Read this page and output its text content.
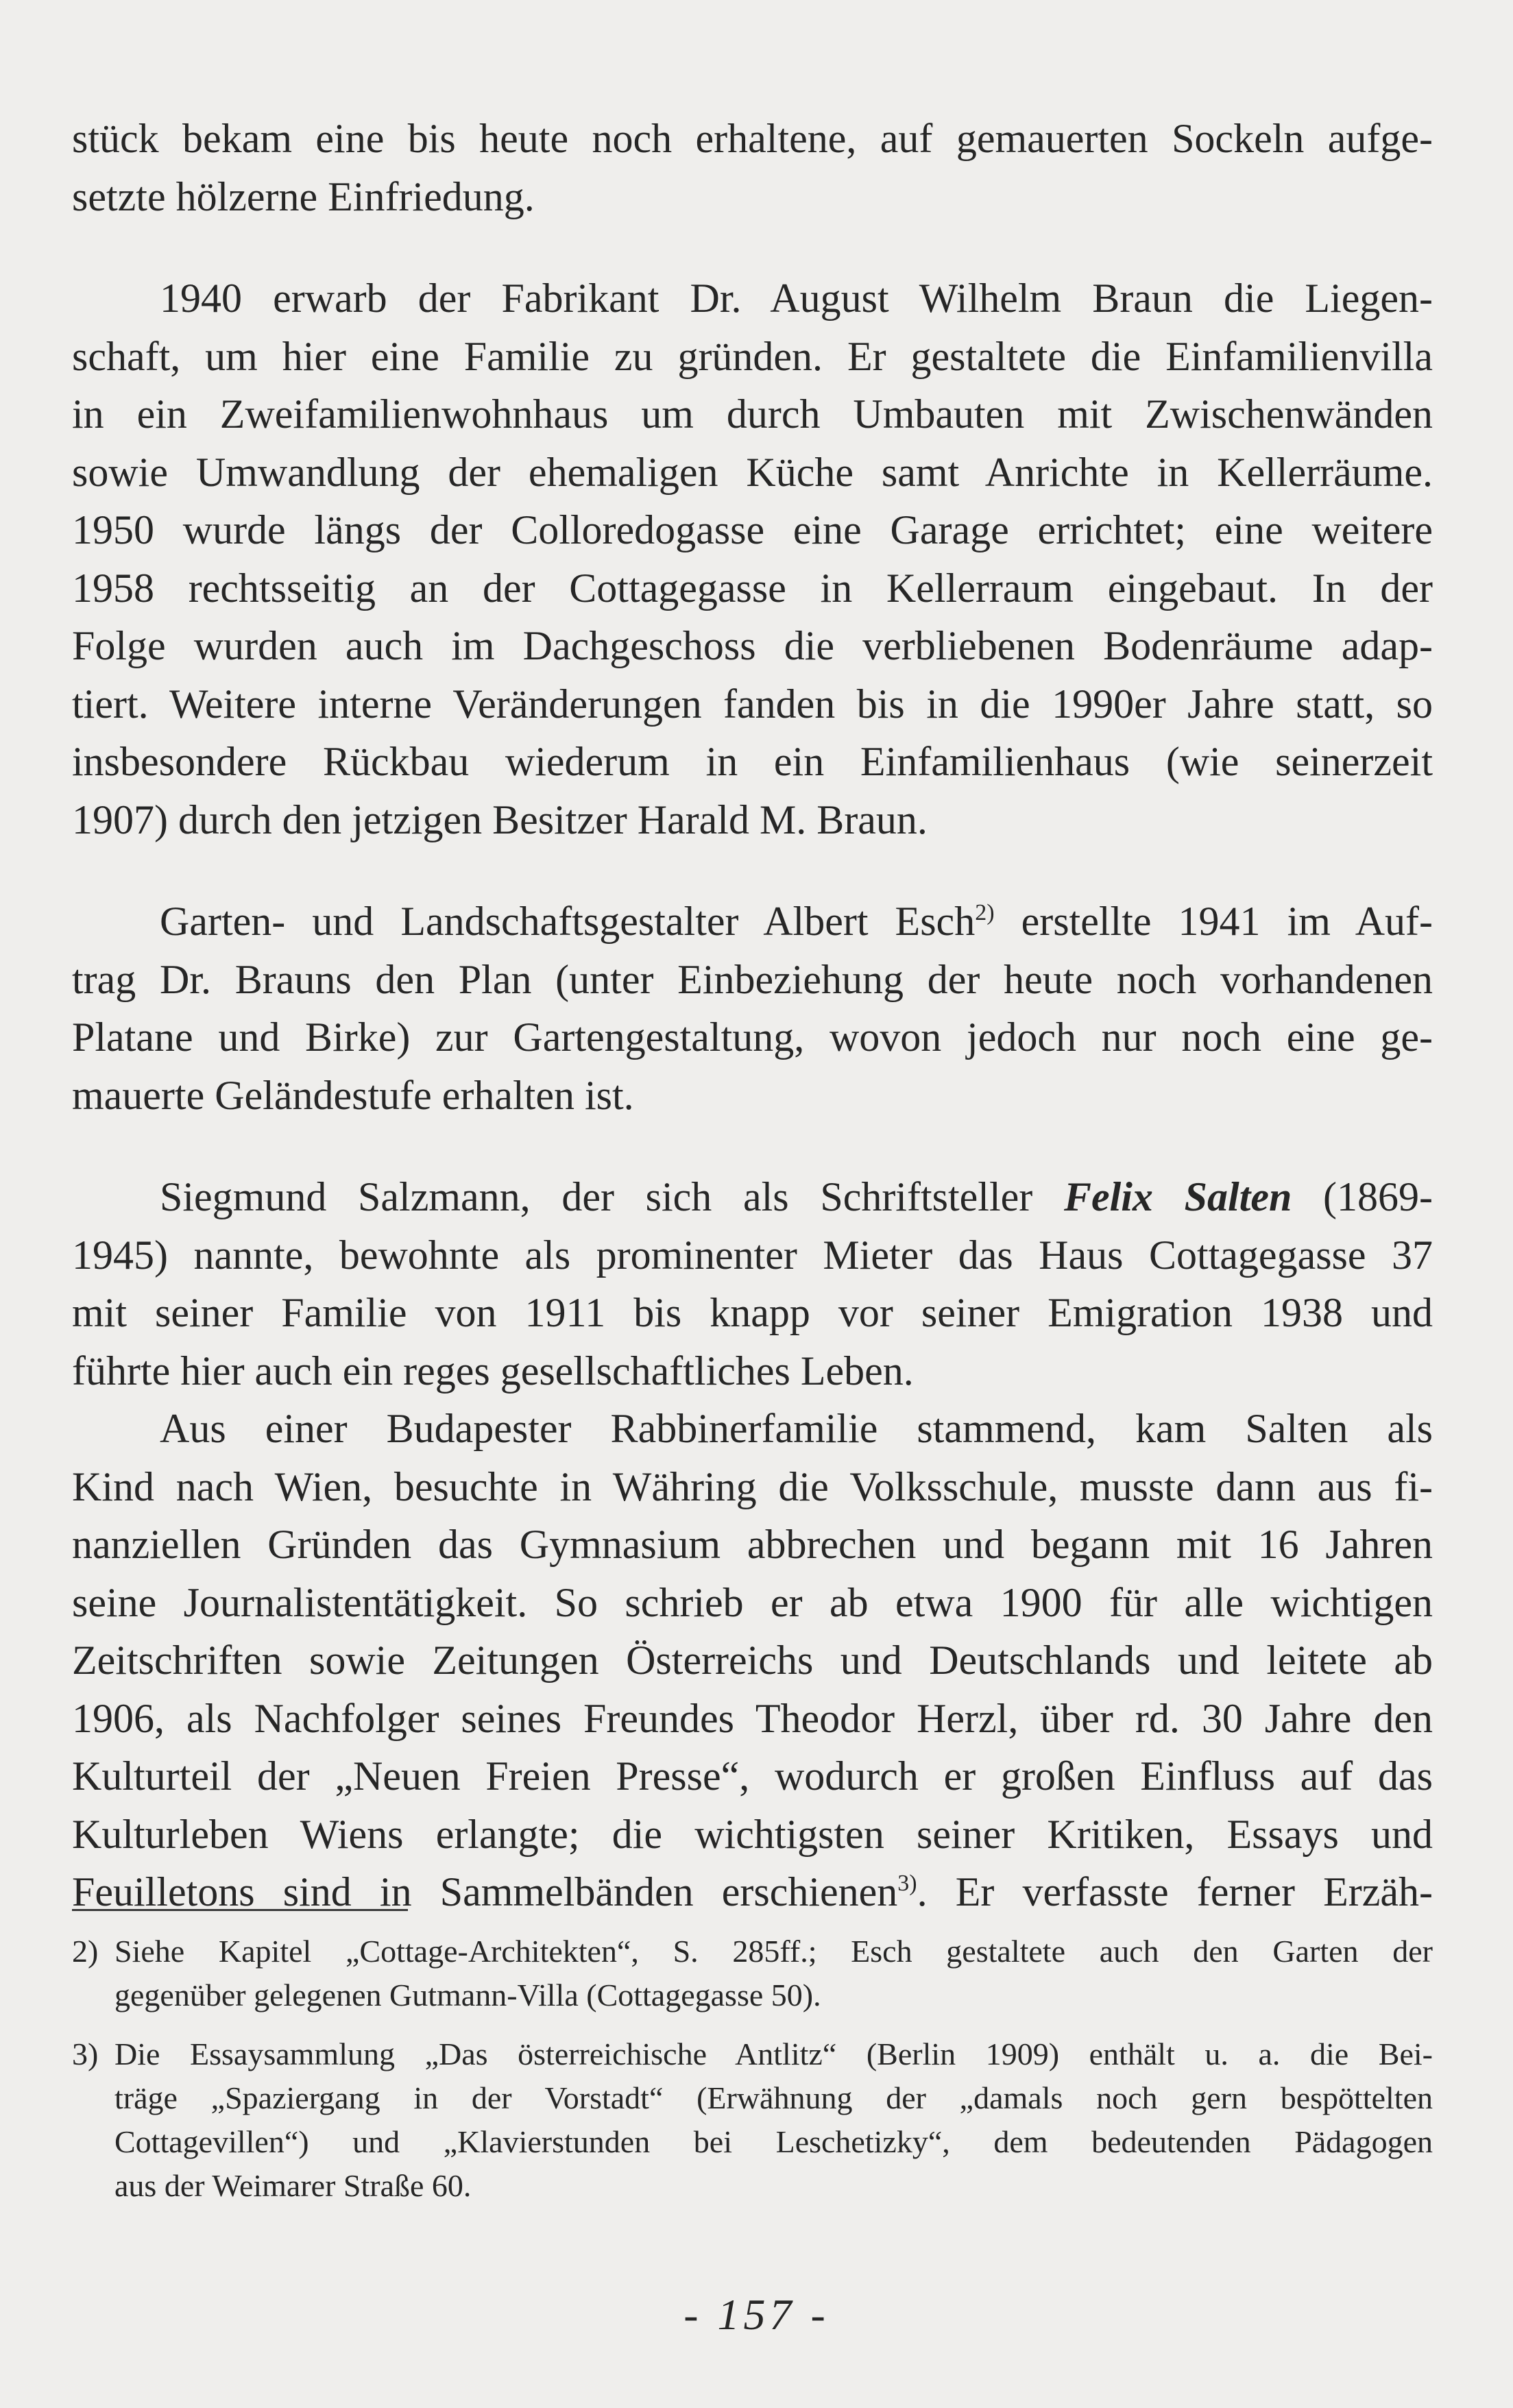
stück bekam eine bis heute noch erhaltene, auf gemauerten Sockeln aufge-
setzte hölzerne Einfriedung.

1940 erwarb der Fabrikant Dr. August Wilhelm Braun die Liegen-
schaft, um hier eine Familie zu gründen. Er gestaltete die Einfamilienvilla
in ein Zweifamilienwohnhaus um durch Umbauten mit Zwischenwänden
sowie Umwandlung der ehemaligen Küche samt Anrichte in Kellerräume.
1950 wurde längs der Colloredogasse eine Garage errichtet; eine weitere
1958 rechtsseitig an der Cottagegasse in Kellerraum eingebaut. In der
Folge wurden auch im Dachgeschoss die verbliebenen Bodenräume adap-
tiert. Weitere interne Veränderungen fanden bis in die 1990er Jahre statt, so
insbesondere Rückbau wiederum in ein Einfamilienhaus (wie seinerzeit
1907) durch den jetzigen Besitzer Harald M. Braun.

Garten- und Landschaftsgestalter Albert Esch$^{2)}$ erstellte 1941 im Auf-
trag Dr. Brauns den Plan (unter Einbeziehung der heute noch vorhandenen
Platane und Birke) zur Gartengestaltung, wovon jedoch nur noch eine ge-
mauerte Geländestufe erhalten ist.

Siegmund Salzmann, der sich als Schriftsteller Felix Salten (1869-
1945) nannte, bewohnte als prominenter Mieter das Haus Cottagegasse 37
mit seiner Familie von 1911 bis knapp vor seiner Emigration 1938 und
führte hier auch ein reges gesellschaftliches Leben.

Aus einer Budapester Rabbinerfamilie stammend, kam Salten als
Kind nach Wien, besuchte in Währing die Volksschule, musste dann aus fi-
nanziellen Gründen das Gymnasium abbrechen und begann mit 16 Jahren
seine Journalistentätigkeit. So schrieb er ab etwa 1900 für alle wichtigen
Zeitschriften sowie Zeitungen Österreichs und Deutschlands und leitete ab
1906, als Nachfolger seines Freundes Theodor Herzl, über rd. 30 Jahre den
Kulturteil der „Neuen Freien Presse“, wodurch er großen Einfluss auf das
Kulturleben Wiens erlangte; die wichtigsten seiner Kritiken, Essays und
Feuilletons sind in Sammelbänden erschienen$^{3)}$. Er verfasste ferner Erzäh-

2) Siehe Kapitel „Cottage-Architekten“, S. 285ff.; Esch gestaltete auch den Garten der
gegenüber gelegenen Gutmann-Villa (Cottagegasse 50).
3) Die Essaysammlung „Das österreichische Antlitz“ (Berlin 1909) enthält u. a. die Bei-
träge „Spaziergang in der Vorstadt“ (Erwähnung der „damals noch gern bespöttelten
Cottagevillen“) und „Klavierstunden bei Leschetizky“, dem bedeutenden Pädagogen
aus der Weimarer Straße 60.
- 157 -
